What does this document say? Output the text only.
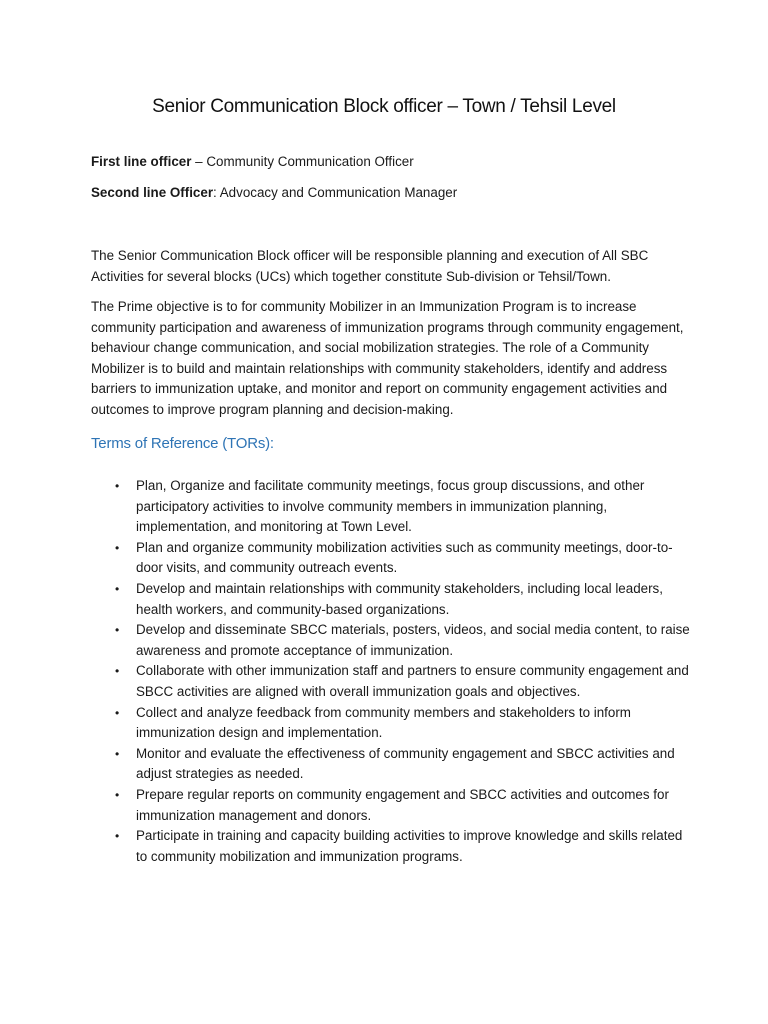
Senior Communication Block officer – Town / Tehsil Level
First line officer – Community Communication Officer
Second line Officer: Advocacy and Communication Manager

The Senior Communication Block officer will be responsible planning and execution of All SBC Activities for several blocks (UCs) which together constitute Sub-division or Tehsil/Town.

The Prime objective is to for community Mobilizer in an Immunization Program is to increase community participation and awareness of immunization programs through community engagement, behaviour change communication, and social mobilization strategies. The role of a Community Mobilizer is to build and maintain relationships with community stakeholders, identify and address barriers to immunization uptake, and monitor and report on community engagement activities and outcomes to improve program planning and decision-making.

Terms of Reference (TORs):
• Plan, Organize and facilitate community meetings, focus group discussions, and other participatory activities to involve community members in immunization planning, implementation, and monitoring at Town Level.
• Plan and organize community mobilization activities such as community meetings, door-to-door visits, and community outreach events.
• Develop and maintain relationships with community stakeholders, including local leaders, health workers, and community-based organizations.
• Develop and disseminate SBCC materials, posters, videos, and social media content, to raise awareness and promote acceptance of immunization.
• Collaborate with other immunization staff and partners to ensure community engagement and SBCC activities are aligned with overall immunization goals and objectives.
• Collect and analyze feedback from community members and stakeholders to inform immunization design and implementation.
• Monitor and evaluate the effectiveness of community engagement and SBCC activities and adjust strategies as needed.
• Prepare regular reports on community engagement and SBCC activities and outcomes for immunization management and donors.
• Participate in training and capacity building activities to improve knowledge and skills related to community mobilization and immunization programs.
